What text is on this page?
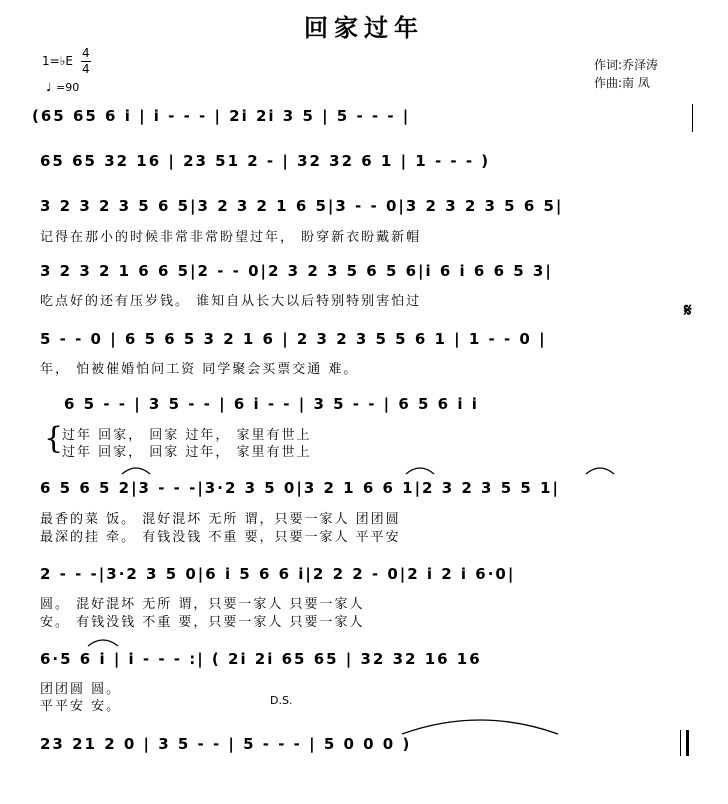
回家过年
1=♭E
4
4
♩ =90
作词:乔泽涛
作曲:南 凤
(65 65 6 i | i - - - | 2i 2i 3 5 | 5 - - - |
65 65 32 16 | 23 51 2 - | 32 32 6 1 | 1 - - - )
3 2 3 2 3 5 6 5|3 2 3 2 1 6 5|3 - - 0|3 2 3 2 3 5 6 5|
记得在那小的时候非常非常盼望过年， 盼穿新衣盼戴新帽
3 2 3 2 1 6 6 5|2 - - 0|2 3 2 3 5 6 5 6|i 6 i 6 6 5 3|
吃点好的还有压岁钱。 谁知自从长大以后特别特别害怕过
5 - - 0 | 6 5 6 5 3 2 1 6 | 2 3 2 3 5 5 6 1 | 1 - - 0 |
年， 怕被催婚怕问工资 同学聚会买票交通 难。
𝄋
6 5 - - | 3 5 - - | 6 i - - | 3 5 - - | 6 5 6 i i
{
过年 回家， 回家 过年， 家里有世上
过年 回家， 回家 过年， 家里有世上
6 5 6 5 2|3 - - -|3·2 3 5 0|3 2 1 6 6 1|2 3 2 3 5 5 1|
最香的菜 饭。 混好混坏 无所 谓，只要一家人 团团圆
最深的挂 牵。 有钱没钱 不重 要，只要一家人 平平安
2 - - -|3·2 3 5 0|6 i 5 6 6 i|2 2 2 - 0|2 i 2 i 6·0|
圆。 混好混坏 无所 谓，只要一家人 只要一家人
安。 有钱没钱 不重 要，只要一家人 只要一家人
6·5 6 i | i - - - :| ( 2i 2i 65 65 | 32 32 16 16
团团圆 圆。
平平安 安。	D.S.
23 21 2 0 | 3 5 - - | 5 - - - | 5 0 0 0 )
